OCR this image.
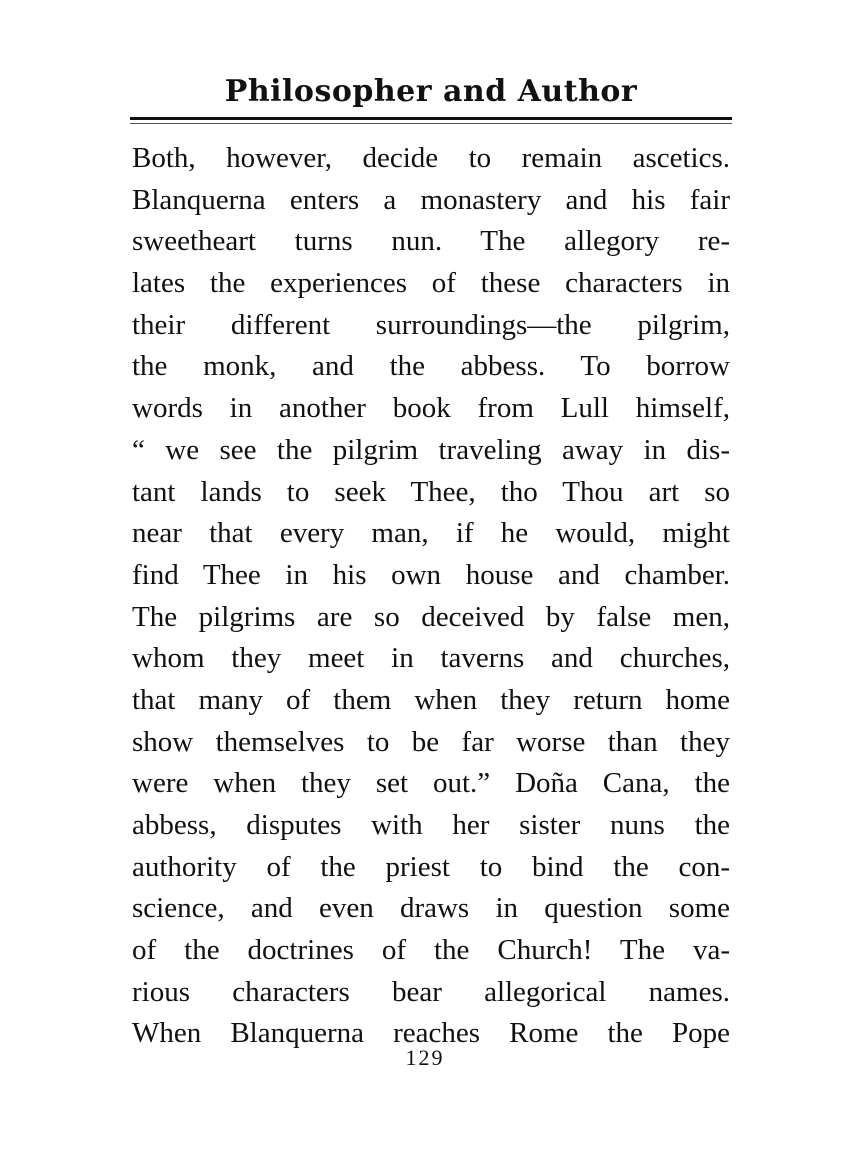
Philosopher and Author
Both, however, decide to remain ascetics.
Blanquerna enters a monastery and his fair
sweetheart turns nun. The allegory re-
lates the experiences of these characters in
their different surroundings—the pilgrim,
the monk, and the abbess. To borrow
words in another book from Lull himself,
“ we see the pilgrim traveling away in dis-
tant lands to seek Thee, tho Thou art so
near that every man, if he would, might
find Thee in his own house and chamber.
The pilgrims are so deceived by false men,
whom they meet in taverns and churches,
that many of them when they return home
show themselves to be far worse than they
were when they set out.” Doña Cana, the
abbess, disputes with her sister nuns the
authority of the priest to bind the con-
science, and even draws in question some
of the doctrines of the Church! The va-
rious characters bear allegorical names.
When Blanquerna reaches Rome the Pope
129
